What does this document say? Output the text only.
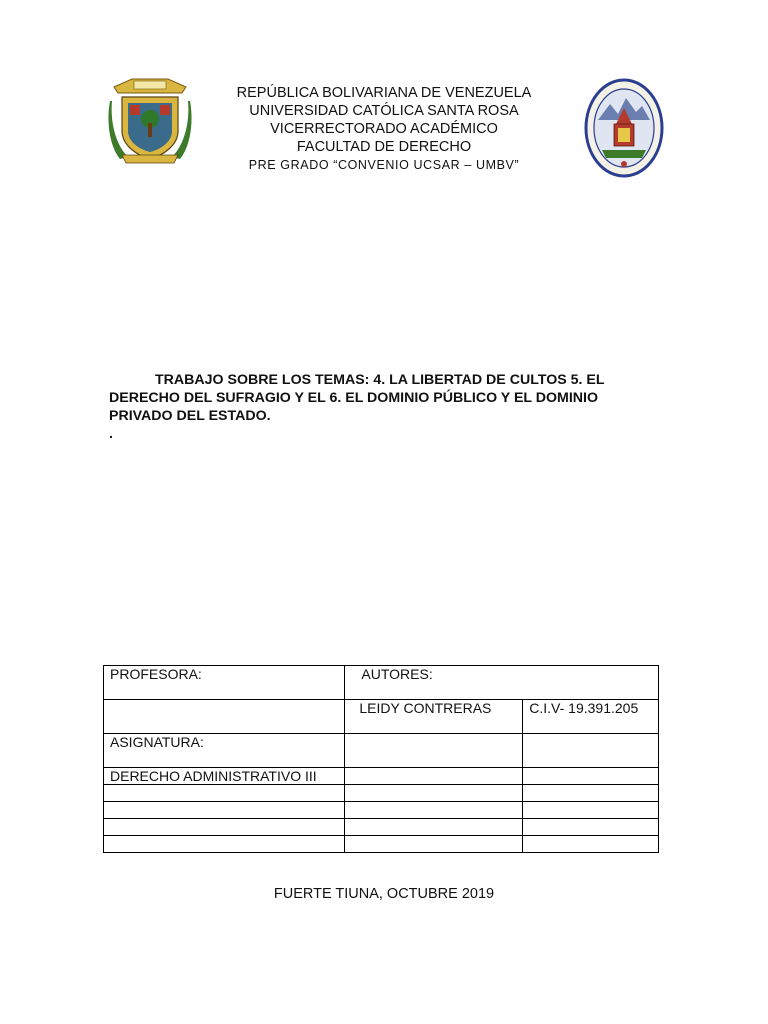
REPÚBLICA BOLIVARIANA DE VENEZUELA
UNIVERSIDAD CATÓLICA SANTA ROSA
VICERRECTORADO ACADÉMICO
FACULTAD DE DERECHO
PRE GRADO “CONVENIO UCSAR – UMBV”

TRABAJO SOBRE LOS TEMAS: 4. LA LIBERTAD DE CULTOS 5. EL

DERECHO DEL SUFRAGIO Y EL 6. EL DOMINIO PÚBLICO Y EL DOMINIO

PRIVADO DEL ESTADO.

.

PROFESORA:	AUTORES:	
	LEIDY CONTRERAS	C.I.V- 19.391.205
ASIGNATURA:		
DERECHO ADMINISTRATIVO III		

FUERTE TIUNA, OCTUBRE 2019
